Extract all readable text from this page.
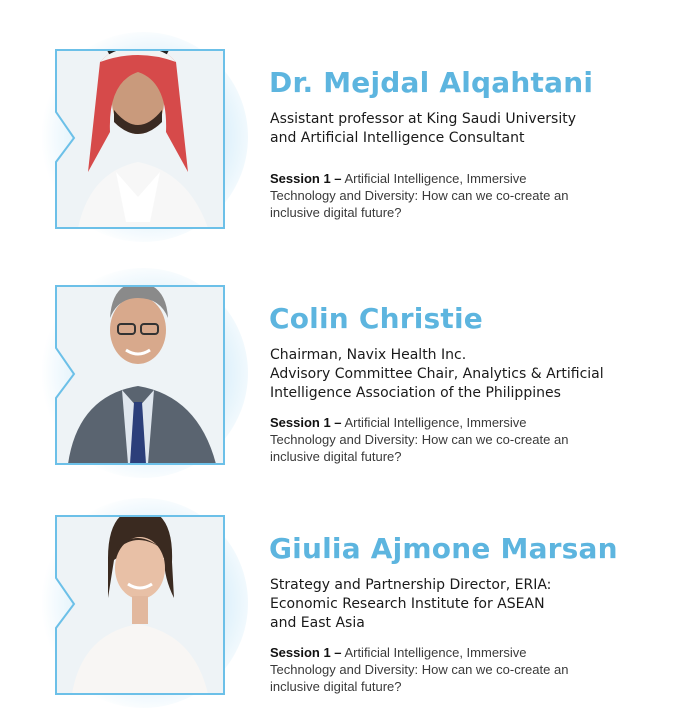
Dr. Mejdal Alqahtani
Assistant professor at King Saudi University
and Artificial Intelligence Consultant
Session 1 – Artificial Intelligence, Immersive
Technology and Diversity: How can we co-create an
inclusive digital future?
Colin Christie
Chairman, Navix Health Inc.
Advisory Committee Chair, Analytics & Artificial
Intelligence Association of the Philippines
Session 1 – Artificial Intelligence, Immersive
Technology and Diversity: How can we co-create an
inclusive digital future?
Giulia Ajmone Marsan
Strategy and Partnership Director, ERIA:
Economic Research Institute for ASEAN
and East Asia
Session 1 – Artificial Intelligence, Immersive
Technology and Diversity: How can we co-create an
inclusive digital future?
